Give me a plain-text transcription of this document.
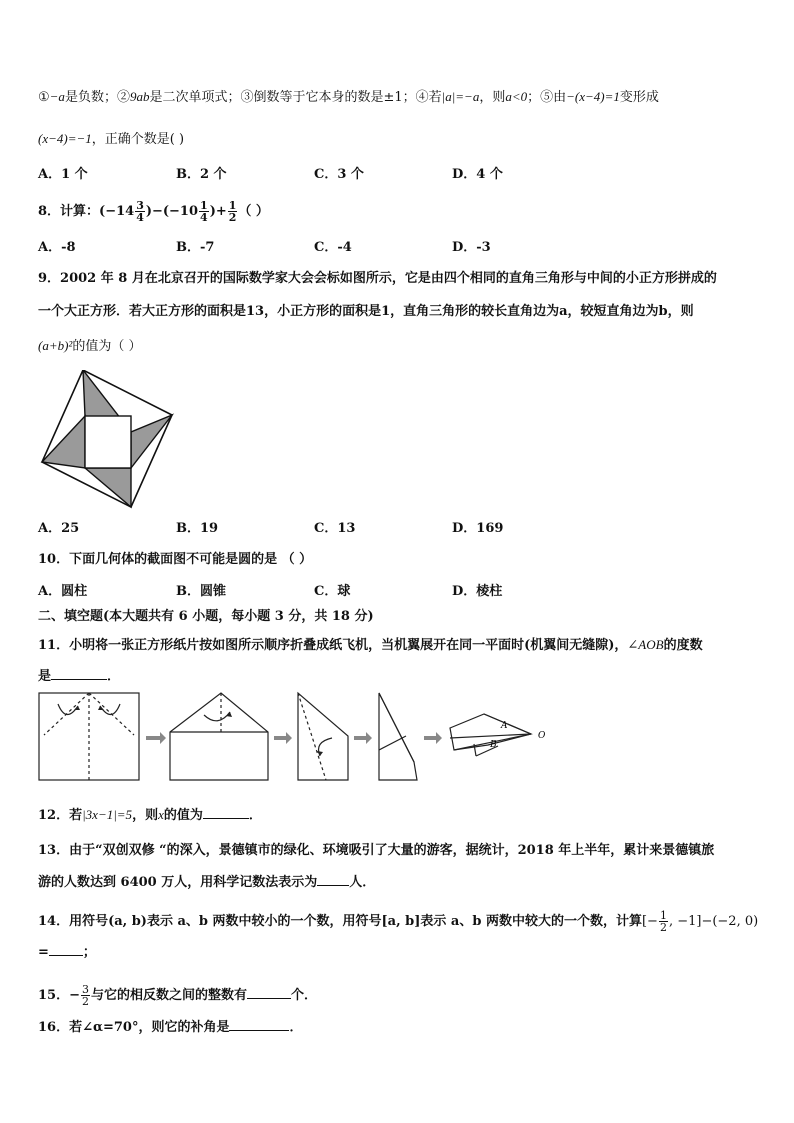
①−a是负数；②9ab是二次单项式；③倒数等于它本身的数是±1；④若|a|=−a，则a<0；⑤由−(x−4)=1变形成
(x−4)=−1，正确个数是( )
A．1 个	B．2 个	C．3 个	D．4 个
8．计算：$(-14 \frac{3}{4} )-(-10 \frac{1}{4}$ )+ $\frac{1}{2}$ （ ）
A．-8	B．-7	C．-4	D．-3
9．2002 年 8 月在北京召开的国际数学家大会会标如图所示，它是由四个相同的直角三角形与中间的小正方形拼成的
一个大正方形．若大正方形的面积是13，小正方形的面积是1，直角三角形的较长直角边为a，较短直角边为b，则
(a+b)²的值为（ ）
A．25	B．19	C．13	D．169
10．下面几何体的截面图不可能是圆的是 （ ）
A．圆柱	B．圆锥	C．球	D．棱柱
二、填空题(本大题共有 6 小题，每小题 3 分，共 18 分)
11．小明将一张正方形纸片按如图所示顺序折叠成纸飞机，当机翼展开在同一平面时(机翼间无缝隙)，∠AOB的度数
是	．
A
B
O
12．若|3x−1|=5，则x的值为	．
13．由于“双创双修 “的深入，景德镇市的绿化、环境吸引了大量的游客，据统计，2018 年上半年，累计来景德镇旅
游的人数达到 6400 万人，用科学记数法表示为 人．
14．用符号(a, b)表示 a、b 两数中较小的一个数，用符号[a, b]表示 a、b 两数中较大的一个数，计算[− $\frac{1}{2}$ , −1]−(−2, 0)
=	；
15．− $\frac{3}{2}$ 与它的相反数之间的整数有	个．
16．若∠α=70°，则它的补角是	．
